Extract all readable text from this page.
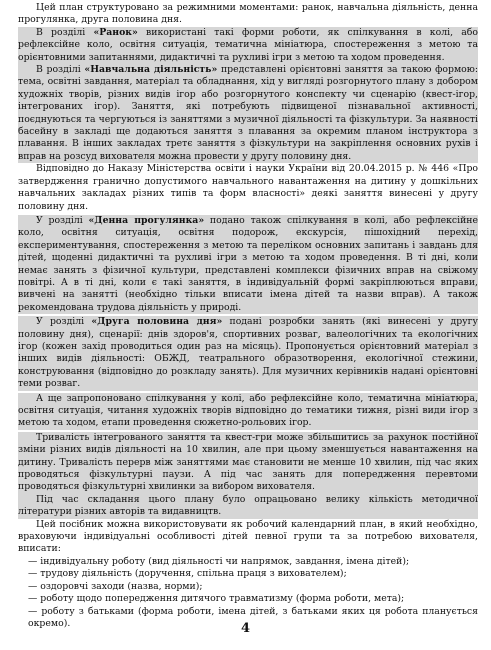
Цей план структуровано за режимними моментами: ранок, навчальна діяльність, денна прогулянка, друга половина дня.

В розділі «Ранок» використані такі форми роботи, як спілкування в колі, або рефлексійне коло, освітня ситуація, тематична мініатюра, спостереження з метою та орієнтовними запитаннями, дидактичні та рухливі ігри з метою та ходом проведення.

В розділі «Навчальна діяльність» представлені орієнтовні заняття за такою формою: тема, освітні завдання, матеріал та обладнання, хід у вигляді розгорнутого плану з добором художніх творів, різних видів ігор або розгорнутого конспекту чи сценарію (квест-ігор, інтегрованих ігор). Заняття, які потребують підвищеної пізнавальної активності, поєднуються та чергуються із заняттями з музичної діяльності та фізкультури. За наявності басейну в закладі ще додаються заняття з плавання за окремим планом інструктора з плавання. В інших закладах третє заняття з фізкультури на закріплення основних рухів і вправ на розсуд вихователя можна провести у другу половину дня.

Відповідно до Наказу Міністерства освіти і науки України від 20.04.2015 р. № 446 «Про затвердження гранично допустимого навчального навантаження на дитину у дошкільних навчальних закладах різних типів та форм власності» деякі заняття винесені у другу половину дня.

У розділі «Денна прогулянка» подано також спілкування в колі, або рефлексійне коло, освітня ситуація, освітня подорож, екскурсія, пішохідний перехід, експериментування, спостереження з метою та переліком основних запитань і завдань для дітей, щоденні дидактичні та рухливі ігри з метою та ходом проведення. В ті дні, коли немає занять з фізичної культури, представлені комплекси фізичних вправ на свіжому повітрі. А в ті дні, коли є такі заняття, в індивідуальній формі закріплюються вправи, вивчені на занятті (необхідно тільки вписати імена дітей та назви вправ). А також рекомендована трудова діяльність у природі.

У розділі «Друга половина дня» подані розробки занять (які винесені у другу половину дня), сценарії: днів здоров'я, спортивних розваг, валеологічних та екологічних ігор (кожен захід проводиться один раз на місяць). Пропонується орієнтовний матеріал з інших видів діяльності: ОБЖД, театрального образотворення, екологічної стежини, конструювання (відповідно до розкладу занять). Для музичних керівників надані орієнтовні теми розваг.

А ще запропоновано спілкування у колі, або рефлексійне коло, тематична мініатюра, освітня ситуація, читання художніх творів відповідно до тематики тижня, різні види ігор з метою та ходом, етапи проведення сюжетно-рольових ігор.

Тривалість інтегрованого заняття та квест-гри може збільшитись за рахунок постійної зміни різних видів діяльності на 10 хвилин, але при цьому зменшується навантаження на дитину. Тривалість перерв між заняттями має становити не менше 10 хвилин, під час яких проводяться фізкультурні паузи. А під час занять для попередження перевтоми проводяться фізкультурні хвилинки за вибором вихователя.

Під час складання цього плану було опрацьовано велику кількість методичної літератури різних авторів та видавництв.

Цей посібник можна використовувати як робочий календарний план, в який необхідно, враховуючи індивідуальні особливості дітей певної групи та за потребою вихователя, вписати:

— індивідуальну роботу (вид діяльності чи напрямок, завдання, імена дітей);
— трудову діяльність (доручення, спільна праця з вихователем);
— оздоровчі заходи (назва, норми);
— роботу щодо попередження дитячого травматизму (форма роботи, мета);
— роботу з батьками (форма роботи, імена дітей, з батьками яких ця робота планується окремо).	4
